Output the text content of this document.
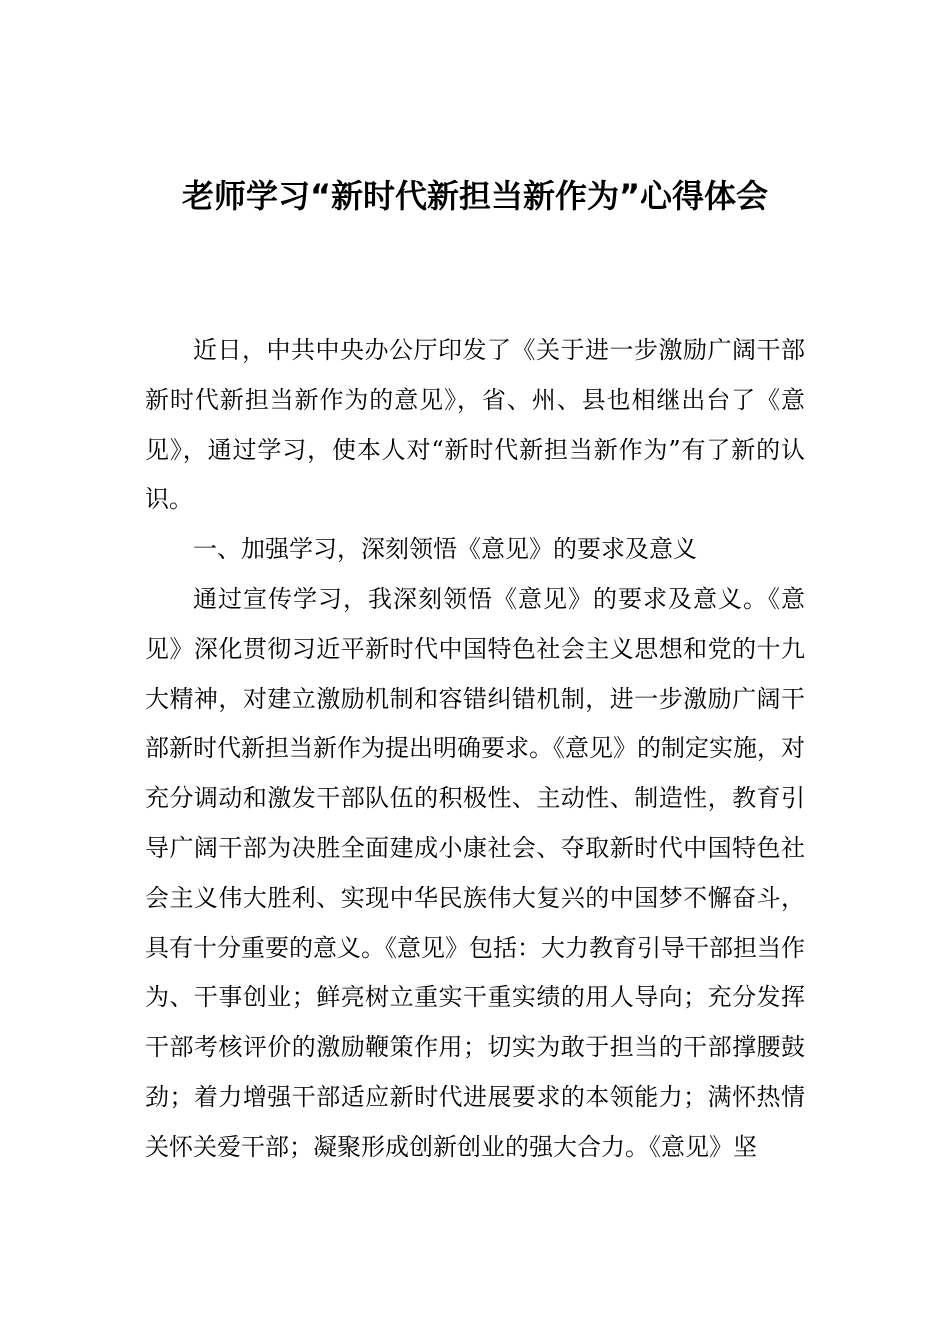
老师学习“新时代新担当新作为”心得体会

近日，中共中央办公厅印发了《关于进一步激励广阔干部新时代新担当新作为的意见》，省、州、县也相继出台了《意见》，通过学习，使本人对“新时代新担当新作为”有了新的认识。

一、加强学习，深刻领悟《意见》的要求及意义

通过宣传学习，我深刻领悟《意见》的要求及意义。《意见》深化贯彻习近平新时代中国特色社会主义思想和党的十九大精神，对建立激励机制和容错纠错机制，进一步激励广阔干部新时代新担当新作为提出明确要求。《意见》的制定实施，对充分调动和激发干部队伍的积极性、主动性、制造性，教育引导广阔干部为决胜全面建成小康社会、夺取新时代中国特色社会主义伟大胜利、实现中华民族伟大复兴的中国梦不懈奋斗，具有十分重要的意义。《意见》包括：大力教育引导干部担当作为、干事创业；鲜亮树立重实干重实绩的用人导向；充分发挥干部考核评价的激励鞭策作用；切实为敢于担当的干部撑腰鼓劲；着力增强干部适应新时代进展要求的本领能力；满怀热情关怀关爱干部；凝聚形成创新创业的强大合力。《意见》坚
